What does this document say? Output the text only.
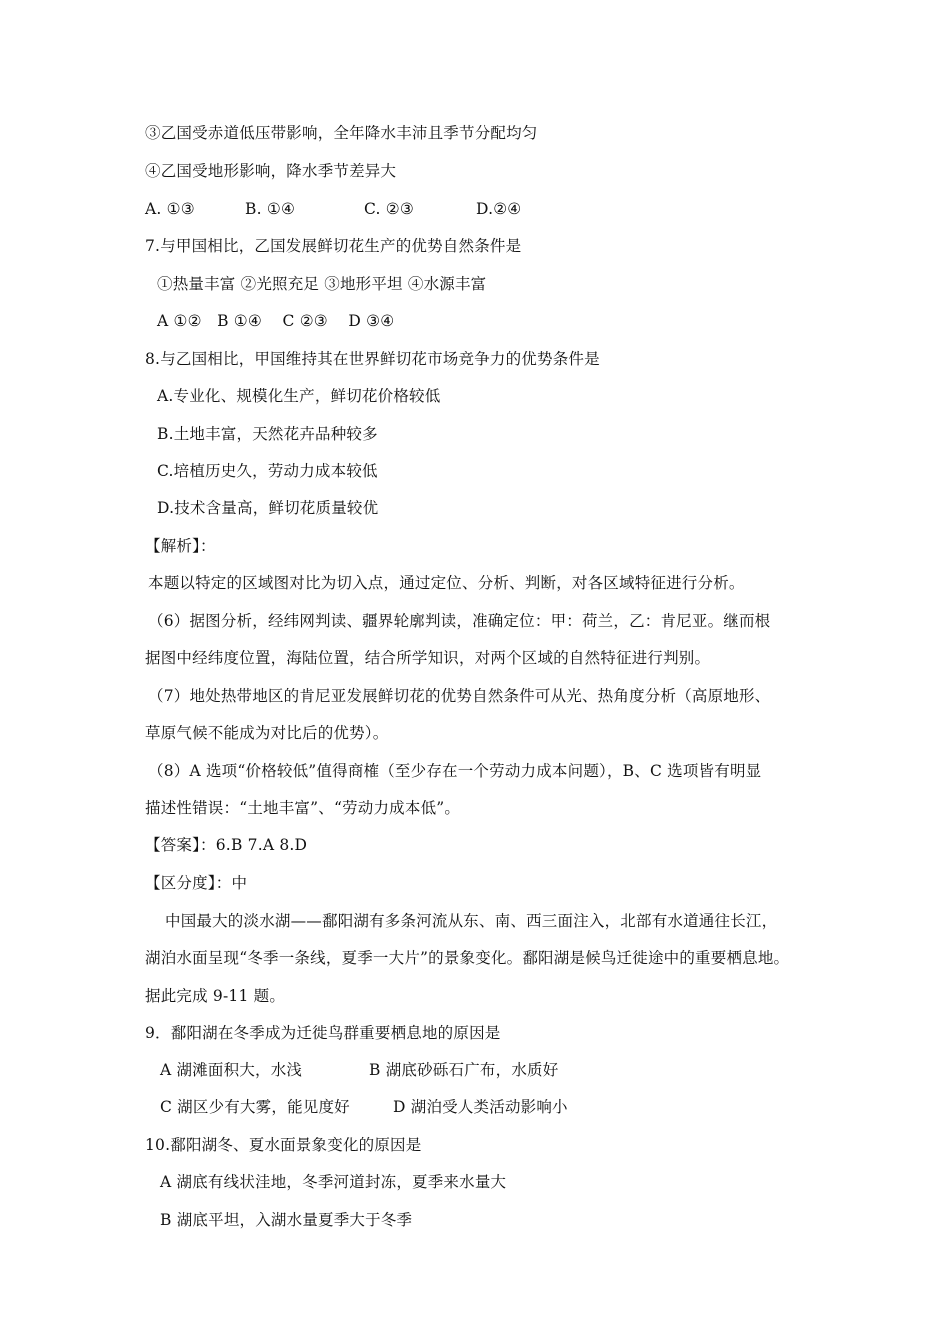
③乙国受赤道低压带影响，全年降水丰沛且季节分配均匀
④乙国受地形影响，降水季节差异大
A. ①③	B. ①④	C. ②③	D.②④
7.与甲国相比，乙国发展鲜切花生产的优势自然条件是
①热量丰富 ②光照充足 ③地形平坦 ④水源丰富
A ①②   B ①④    C ②③    D ③④
8.与乙国相比，甲国维持其在世界鲜切花市场竞争力的优势条件是
A.专业化、规模化生产，鲜切花价格较低
B.土地丰富，天然花卉品种较多
C.培植历史久，劳动力成本较低
D.技术含量高，鲜切花质量较优
【解析】：
本题以特定的区域图对比为切入点，通过定位、分析、判断，对各区域特征进行分析。
（6）据图分析，经纬网判读、疆界轮廓判读，准确定位：甲：荷兰，乙：肯尼亚。继而根
据图中经纬度位置，海陆位置，结合所学知识，对两个区域的自然特征进行判别。
（7）地处热带地区的肯尼亚发展鲜切花的优势自然条件可从光、热角度分析（高原地形、
草原气候不能成为对比后的优势）。
（8）A 选项“价格较低”值得商榷（至少存在一个劳动力成本问题），B、C 选项皆有明显
描述性错误：“土地丰富”、“劳动力成本低”。
【答案】：6.B 7.A 8.D
【区分度】：中
中国最大的淡水湖——鄱阳湖有多条河流从东、南、西三面注入，北部有水道通往长江，
湖泊水面呈现“冬季一条线，夏季一大片”的景象变化。鄱阳湖是候鸟迁徙途中的重要栖息地。
据此完成 9-11 题。
9．鄱阳湖在冬季成为迁徙鸟群重要栖息地的原因是
A 湖滩面积大，水浅	B 湖底砂砾石广布，水质好
C 湖区少有大雾，能见度好	D 湖泊受人类活动影响小
10.鄱阳湖冬、夏水面景象变化的原因是
A 湖底有线状洼地，冬季河道封冻，夏季来水量大
B 湖底平坦，入湖水量夏季大于冬季
